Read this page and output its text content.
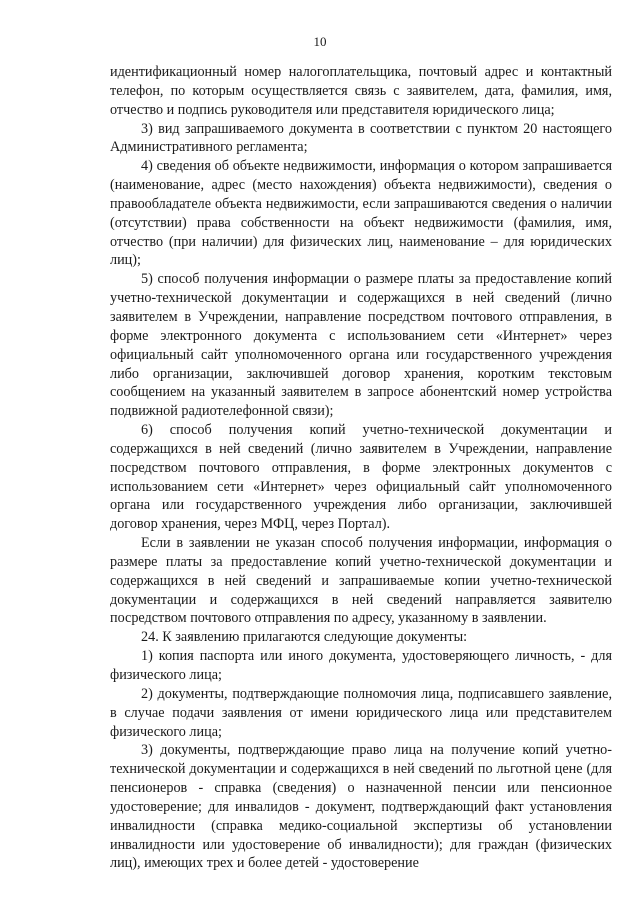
10

идентификационный номер налогоплательщика, почтовый адрес и контактный телефон, по которым осуществляется связь с заявителем, дата, фамилия, имя, отчество и подпись руководителя или представителя юридического лица;

3) вид запрашиваемого документа в соответствии с пунктом 20 настоящего Административного регламента;

4) сведения об объекте недвижимости, информация о котором запрашивается (наименование, адрес (место нахождения) объекта недвижимости), сведения о правообладателе объекта недвижимости, если запрашиваются сведения о наличии (отсутствии) права собственности на объект недвижимости (фамилия, имя, отчество (при наличии) для физических лиц, наименование – для юридических лиц);

5) способ получения информации о размере платы за предоставление копий учетно-технической документации и содержащихся в ней сведений (лично заявителем в Учреждении, направление посредством почтового отправления, в форме электронного документа с использованием сети «Интернет» через официальный сайт уполномоченного органа или государственного учреждения либо организации, заключившей договор хранения, коротким текстовым сообщением на указанный заявителем в запросе абонентский номер устройства подвижной радиотелефонной связи);

6) способ получения копий учетно-технической документации и содержащихся в ней сведений (лично заявителем в Учреждении, направление посредством почтового отправления, в форме электронных документов с использованием сети «Интернет» через официальный сайт уполномоченного органа или государственного учреждения либо организации, заключившей договор хранения, через МФЦ, через Портал).

Если в заявлении не указан способ получения информации, информация о размере платы за предоставление копий учетно-технической документации и содержащихся в ней сведений и запрашиваемые копии учетно-технической документации и содержащихся в ней сведений направляется заявителю посредством почтового отправления по адресу, указанному в заявлении.

24. К заявлению прилагаются следующие документы:

1) копия паспорта или иного документа, удостоверяющего личность, - для физического лица;

2) документы, подтверждающие полномочия лица, подписавшего заявление, в случае подачи заявления от имени юридического лица или представителем физического лица;

3) документы, подтверждающие право лица на получение копий учетно-технической документации и содержащихся в ней сведений по льготной цене (для пенсионеров - справка (сведения) о назначенной пенсии или пенсионное удостоверение; для инвалидов - документ, подтверждающий факт установления инвалидности (справка медико-социальной экспертизы об установлении инвалидности или удостоверение об инвалидности); для граждан (физических лиц), имеющих трех и более детей - удостоверение
